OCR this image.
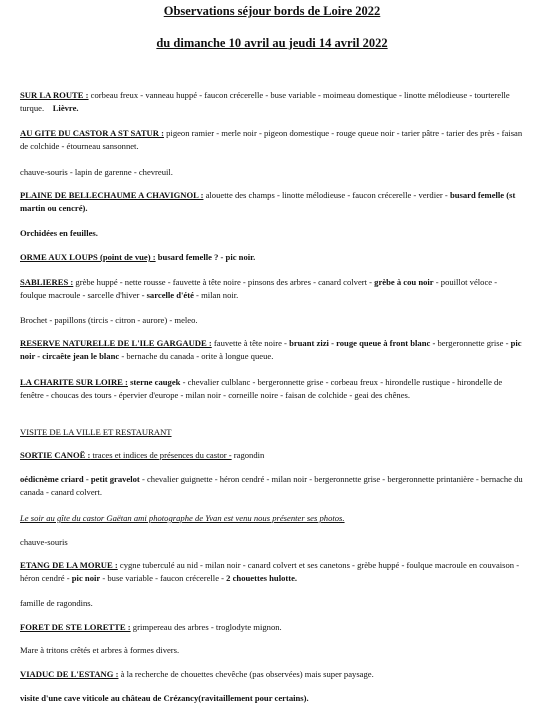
Observations séjour bords de Loire 2022
du dimanche 10 avril au jeudi 14 avril 2022

SUR LA ROUTE : corbeau freux - vanneau huppé - faucon crécerelle - buse variable - moimeau domestique - linotte mélodieuse - tourterelle turque.    Lièvre.

AU GITE DU CASTOR A ST SATUR : pigeon ramier - merle noir - pigeon domestique - rouge queue noir - tarier pâtre - tarier des près - faisan de colchide - étourneau sansonnet.

chauve-souris - lapin de garenne - chevreuil.

PLAINE DE BELLECHAUME A CHAVIGNOL : alouette des champs - linotte mélodieuse - faucon crécerelle - verdier - busard femelle (st martin ou cencré).

Orchidées en feuilles.

ORME AUX LOUPS (point de vue) : busard femelle ? - pic noir.

SABLIERES : grèbe huppé - nette rousse - fauvette à tête noire - pinsons des arbres - canard colvert - grèbe à cou noir - pouillot véloce - foulque macroule - sarcelle d'hiver - sarcelle d'été - milan noir.

Brochet - papillons (tircis - citron - aurore) - meleo.

RESERVE NATURELLE DE L'ILE GARGAUDE : fauvette à tête noire - bruant zizi - rouge queue à front blanc - bergeronnette grise - pic noir - circaête jean le blanc - bernache du canada - orite à longue queue.

LA CHARITE SUR LOIRE : sterne caugek - chevalier culblanc - bergeronnette grise - corbeau freux - hirondelle rustique - hirondelle de fenêtre - choucas des tours - épervier d'europe - milan noir - corneille noire - faisan de colchide - geai des chênes.

VISITE DE LA VILLE ET RESTAURANT

SORTIE CANOË : traces et indices de présences du castor - ragondin

oédicnème criard - petit gravelot - chevalier guignette - héron cendré - milan noir - bergeronnette grise - bergeronnette printanière - bernache du canada - canard colvert.

Le soir au gîte du castor Gaëtan ami photographe de Yvan est venu nous présenter ses photos.

chauve-souris

ETANG DE LA MORUE : cygne tuberculé au nid - milan noir - canard colvert et ses canetons - grèbe huppé - foulque macroule en couvaison - héron cendré - pic noir - buse variable - faucon crécerelle - 2 chouettes hulotte.

famille de ragondins.

FORET DE STE LORETTE : grimpereau des arbres - troglodyte mignon.

Mare à tritons crêtés et arbres à formes divers.

VIADUC DE L'ESTANG : à la recherche de chouettes chevêche (pas observées) mais super paysage.

visite d'une cave viticole au château de Crézancy(ravitaillement pour certains).
